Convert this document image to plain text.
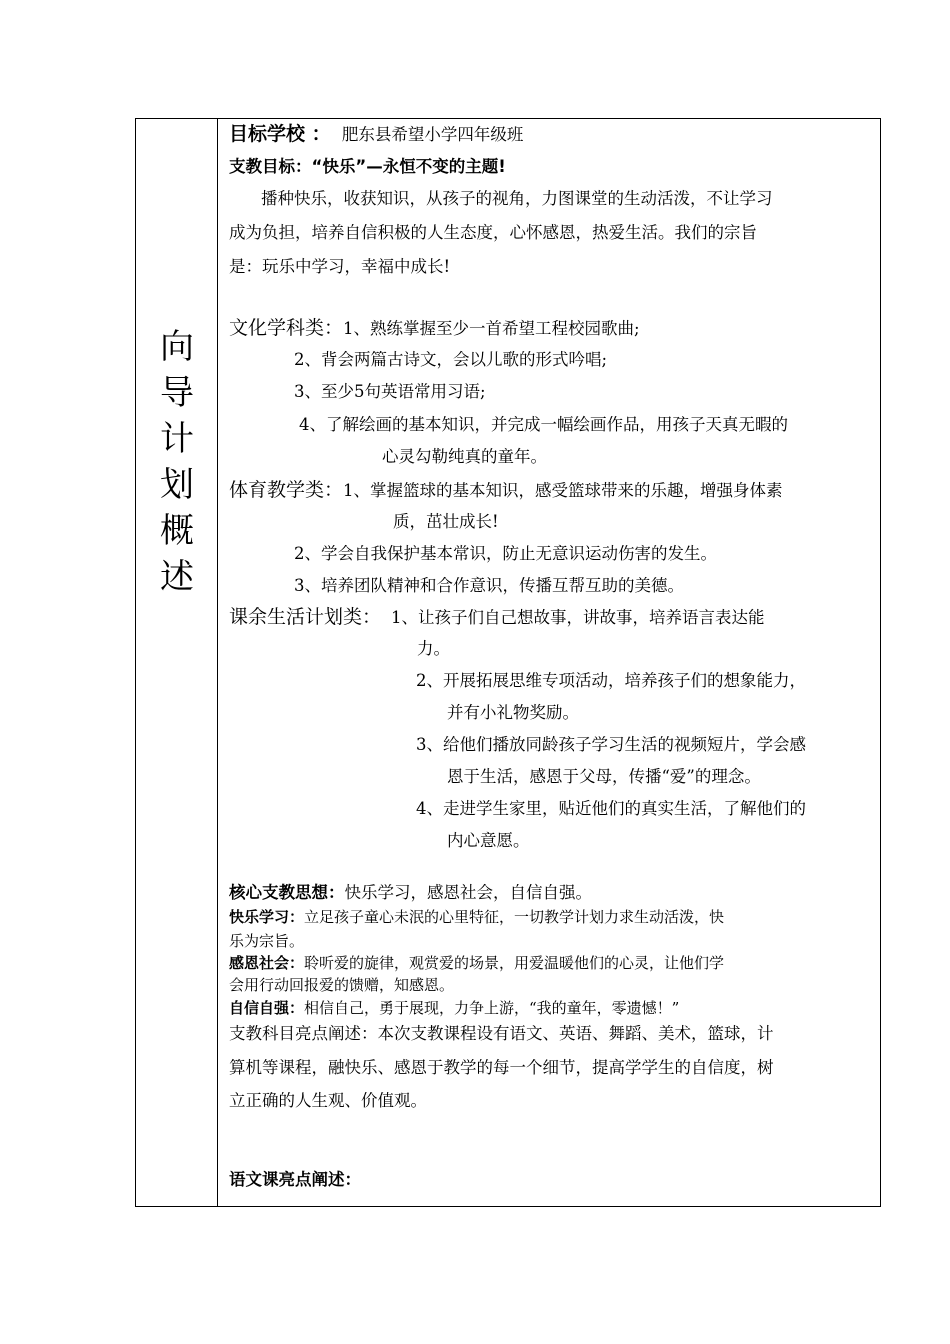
向
导
计
划
概
述
目标学校 ： 肥东县希望小学四年级班
支教目标：“快乐”—永恒不变的主题!
播种快乐，收获知识，从孩子的视角，力图课堂的生动活泼，不让学习
成为负担，培养自信积极的人生态度，心怀感恩，热爱生活。我们的宗旨
是：玩乐中学习，幸福中成长!
文化学科类：1、熟练掌握至少一首希望工程校园歌曲;
2、背会两篇古诗文，会以儿歌的形式吟唱;
3、至少5句英语常用习语;
4、了解绘画的基本知识，并完成一幅绘画作品，用孩子天真无暇的
心灵勾勒纯真的童年。
体育教学类：1、掌握篮球的基本知识，感受篮球带来的乐趣，增强身体素
质，茁壮成长!
2、学会自我保护基本常识，防止无意识运动伤害的发生。
3、培养团队精神和合作意识，传播互帮互助的美德。
课余生活计划类： 1、让孩子们自己想故事，讲故事，培养语言表达能
力。
2、开展拓展思维专项活动，培养孩子们的想象能力，
并有小礼物奖励。
3、给他们播放同龄孩子学习生活的视频短片，学会感
恩于生活，感恩于父母，传播“爱”的理念。
4、走进学生家里，贴近他们的真实生活，了解他们的
内心意愿。
核心支教思想：快乐学习，感恩社会，自信自强。
快乐学习：立足孩子童心未泯的心里特征，一切教学计划力求生动活泼，快
乐为宗旨。
感恩社会：聆听爱的旋律，观赏爱的场景，用爱温暖他们的心灵，让他们学
会用行动回报爱的馈赠，知感恩。
自信自强：相信自己，勇于展现，力争上游，“我的童年，零遗憾！”
支教科目亮点阐述：本次支教课程设有语文、英语、舞蹈、美术，篮球，计
算机等课程，融快乐、感恩于教学的每一个细节，提高学学生的自信度，树
立正确的人生观、价值观。
语文课亮点阐述：
